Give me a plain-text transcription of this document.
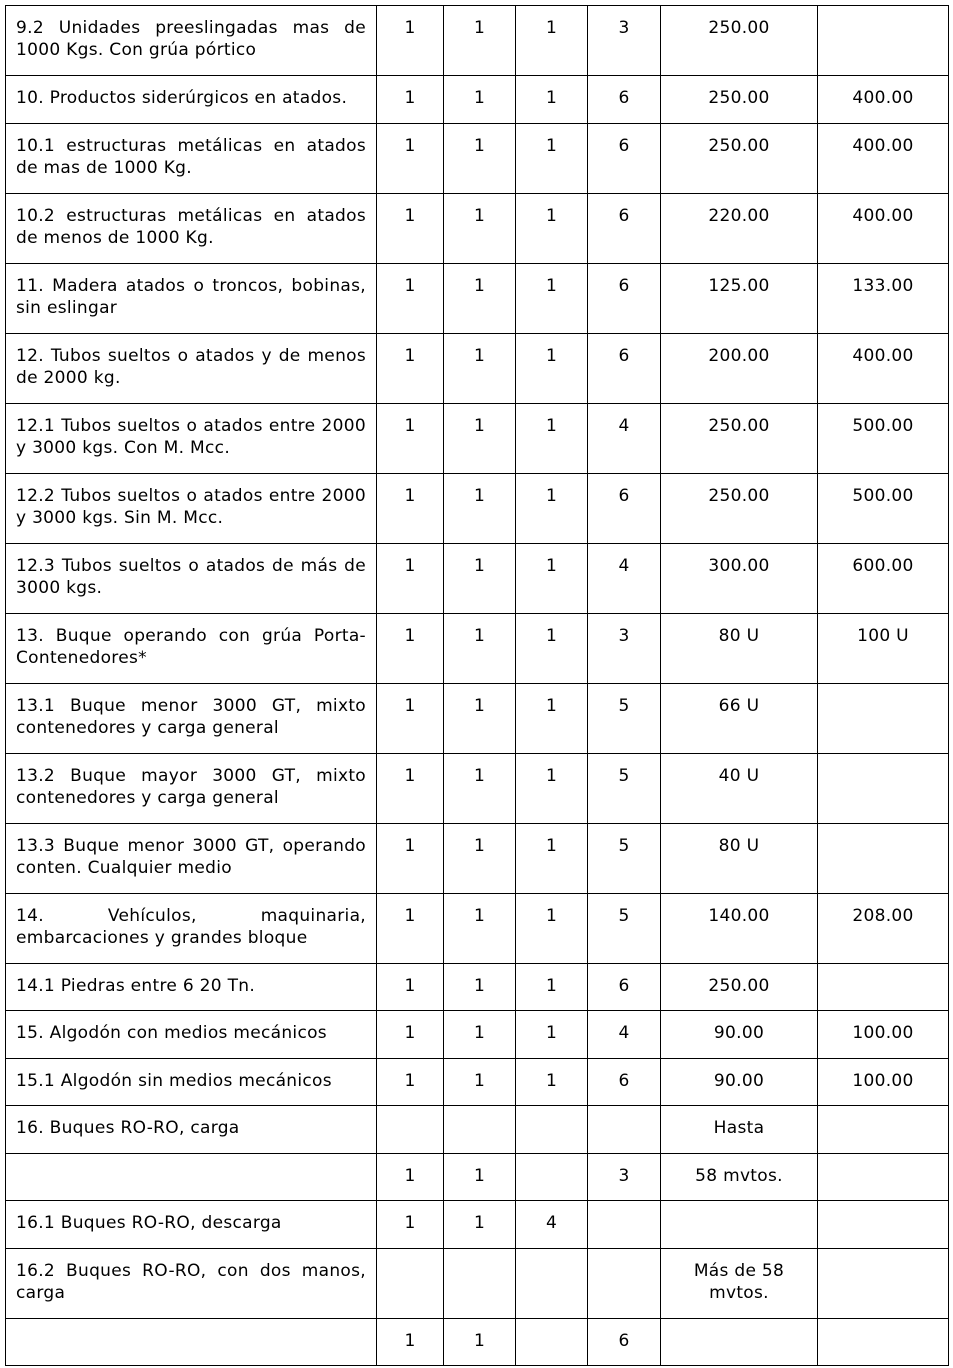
9.2 Unidades preeslingadas mas de 1000 Kgs. Con grúa pórtico	1	1	1	3	250.00	
10. Productos siderúrgicos en atados.	1	1	1	6	250.00	400.00
10.1 estructuras metálicas en atados de mas de 1000 Kg.	1	1	1	6	250.00	400.00
10.2 estructuras metálicas en atados de menos de 1000 Kg.	1	1	1	6	220.00	400.00
11. Madera atados o troncos, bobinas, sin eslingar	1	1	1	6	125.00	133.00
12. Tubos sueltos o atados y de menos de 2000 kg.	1	1	1	6	200.00	400.00
12.1 Tubos sueltos o atados entre 2000 y 3000 kgs. Con M. Mcc.	1	1	1	4	250.00	500.00
12.2 Tubos sueltos o atados entre 2000 y 3000 kgs. Sin M. Mcc.	1	1	1	6	250.00	500.00
12.3 Tubos sueltos o atados de más de 3000 kgs.	1	1	1	4	300.00	600.00
13. Buque operando con grúa Porta-Contenedores*	1	1	1	3	80 U	100 U
13.1 Buque menor 3000 GT, mixto contenedores y carga general	1	1	1	5	66 U	
13.2 Buque mayor 3000 GT, mixto contenedores y carga general	1	1	1	5	40 U	
13.3 Buque menor 3000 GT, operando conten. Cualquier medio	1	1	1	5	80 U	
14. Vehículos, maquinaria, embarcaciones y grandes bloque	1	1	1	5	140.00	208.00
14.1 Piedras entre 6 20 Tn.	1	1	1	6	250.00	
15. Algodón con medios mecánicos	1	1	1	4	90.00	100.00
15.1 Algodón sin medios mecánicos	1	1	1	6	90.00	100.00
16. Buques RO-RO, carga					Hasta	
	1	1		3	58 mvtos.	
16.1 Buques RO-RO, descarga	1	1	4			
16.2 Buques RO-RO, con dos manos, carga					Más de 58 mvtos.	
	1	1		6		
